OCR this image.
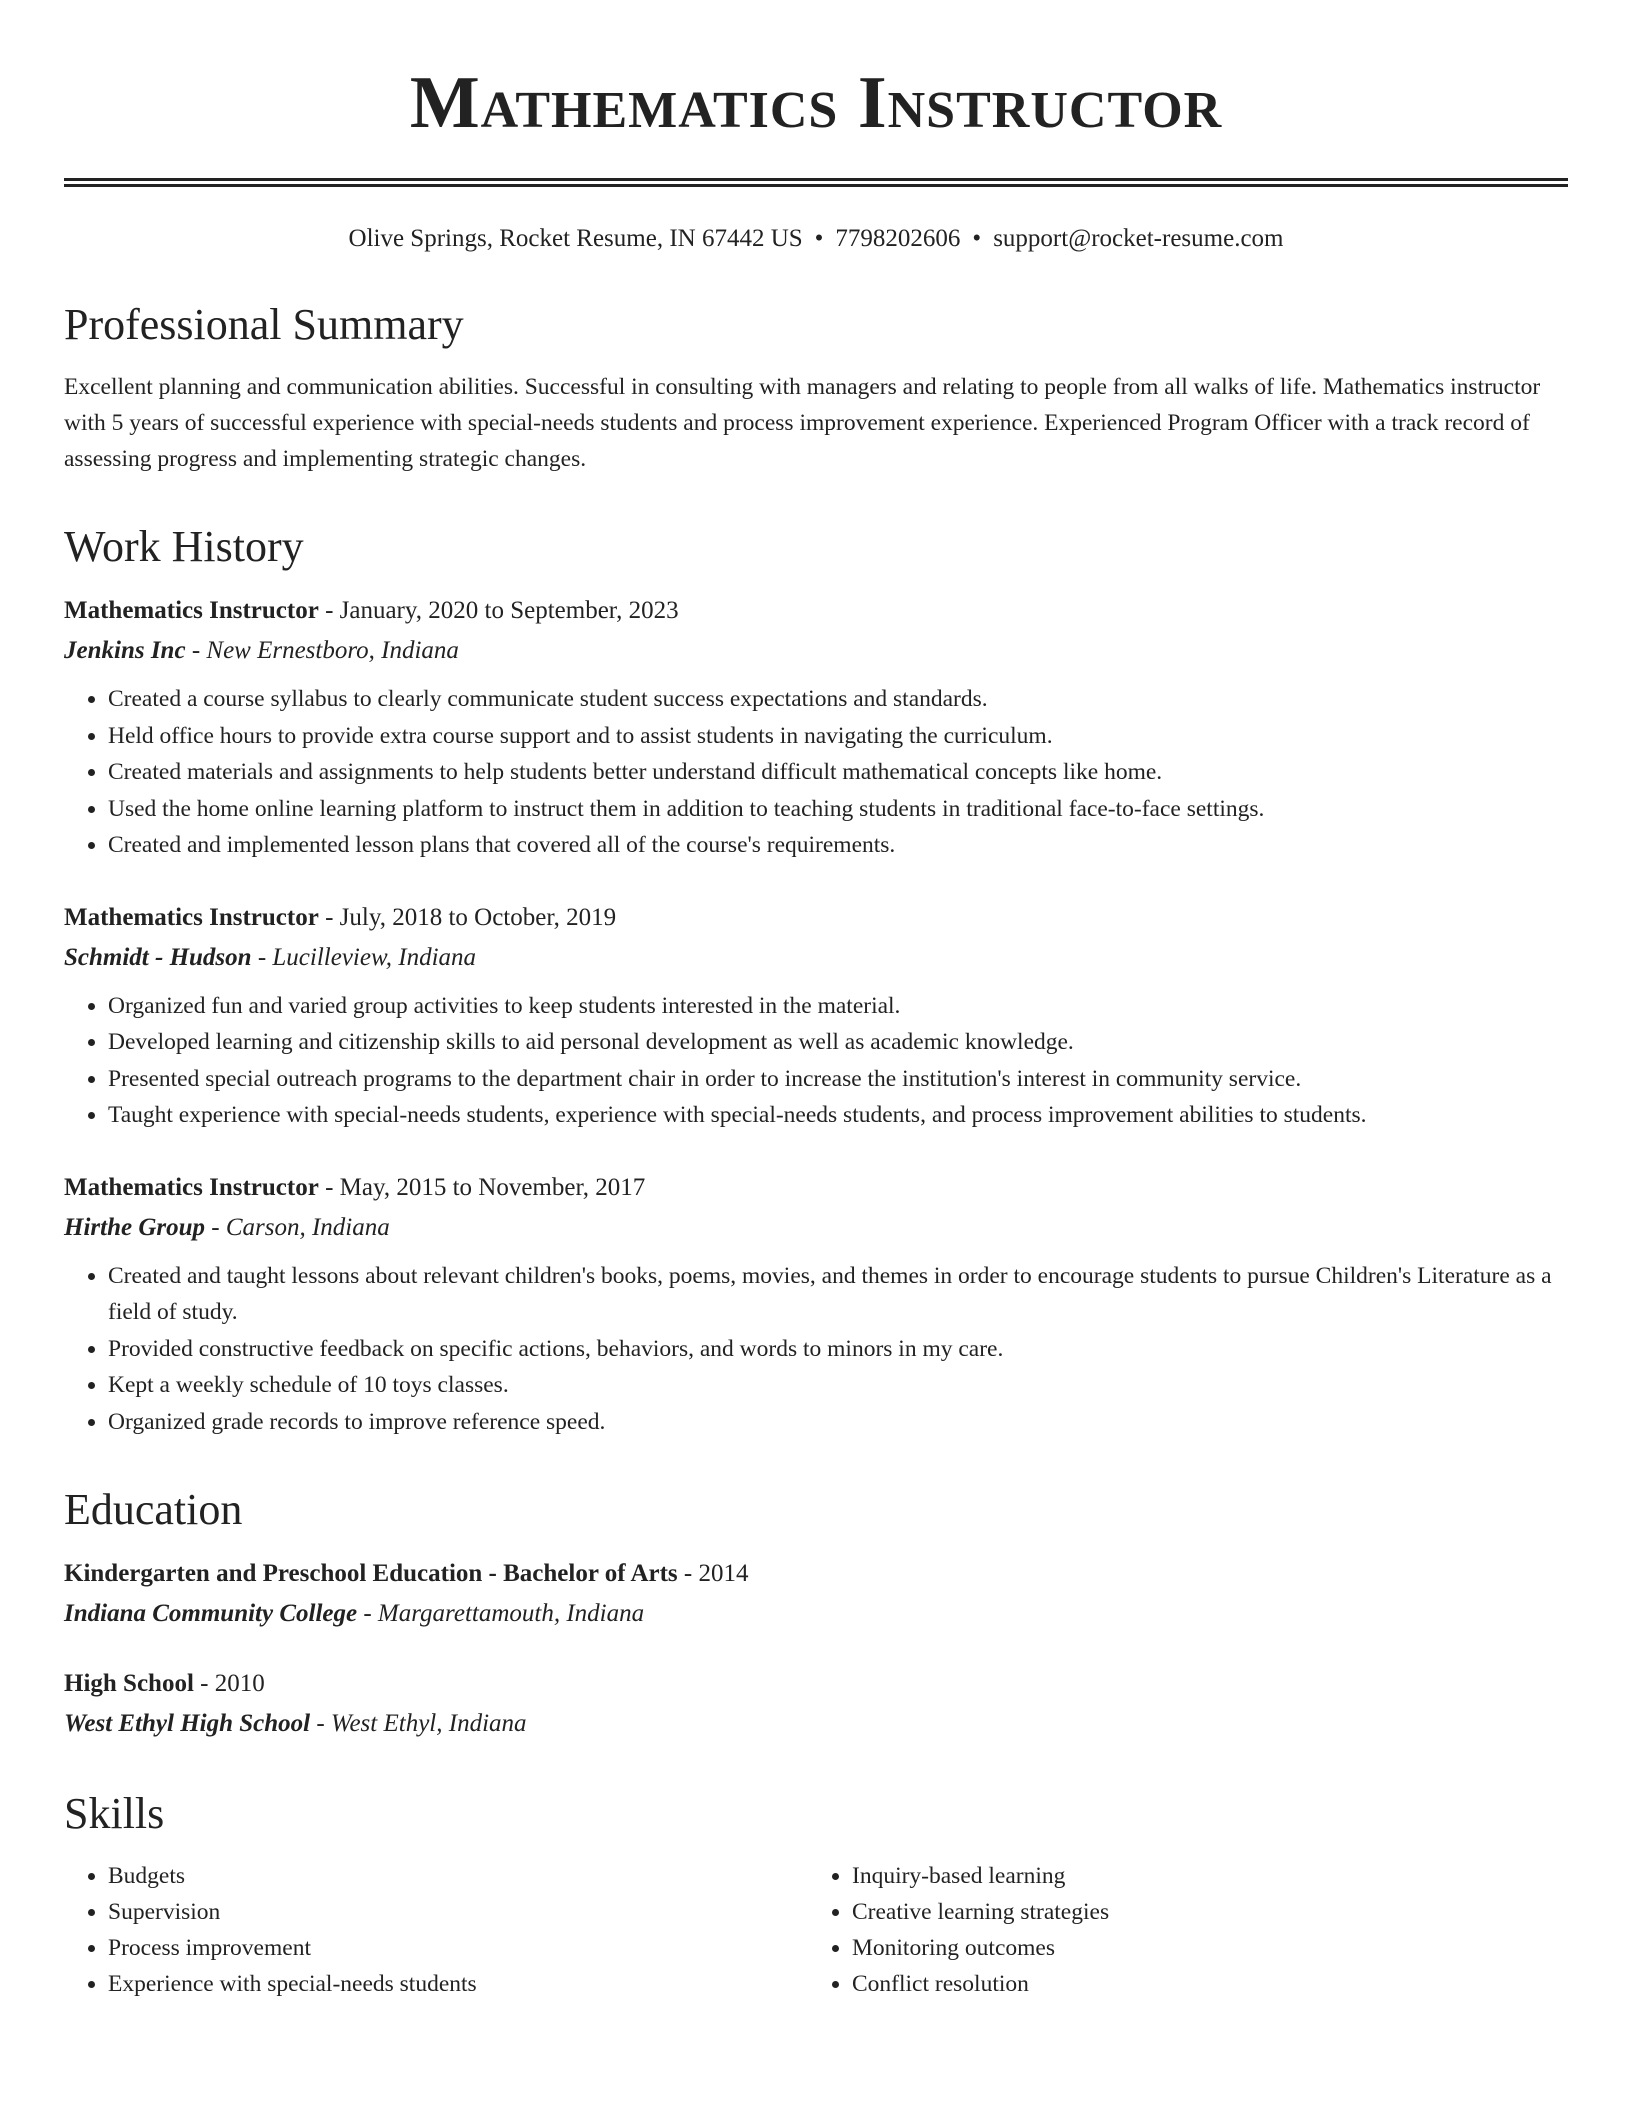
Mathematics Instructor
Olive Springs, Rocket Resume, IN 67442 US • 7798202606 • support@rocket-resume.com
Professional Summary

Excellent planning and communication abilities. Successful in consulting with managers and relating to people from all walks of life. Mathematics instructor with 5 years of successful experience with special-needs students and process improvement experience. Experienced Program Officer with a track record of assessing progress and implementing strategic changes.

Work History
Mathematics Instructor - January, 2020 to September, 2023
Jenkins Inc - New Ernestboro, Indiana
• Created a course syllabus to clearly communicate student success expectations and standards.
• Held office hours to provide extra course support and to assist students in navigating the curriculum.
• Created materials and assignments to help students better understand difficult mathematical concepts like home.
• Used the home online learning platform to instruct them in addition to teaching students in traditional face-to-face settings.
• Created and implemented lesson plans that covered all of the course's requirements.
Mathematics Instructor - July, 2018 to October, 2019
Schmidt - Hudson - Lucilleview, Indiana
• Organized fun and varied group activities to keep students interested in the material.
• Developed learning and citizenship skills to aid personal development as well as academic knowledge.
• Presented special outreach programs to the department chair in order to increase the institution's interest in community service.
• Taught experience with special-needs students, experience with special-needs students, and process improvement abilities to students.
Mathematics Instructor - May, 2015 to November, 2017
Hirthe Group - Carson, Indiana
• Created and taught lessons about relevant children's books, poems, movies, and themes in order to encourage students to pursue Children's Literature as a field of study.
• Provided constructive feedback on specific actions, behaviors, and words to minors in my care.
• Kept a weekly schedule of 10 toys classes.
• Organized grade records to improve reference speed.
Education
Kindergarten and Preschool Education - Bachelor of Arts - 2014
Indiana Community College - Margarettamouth, Indiana
High School - 2010
West Ethyl High School - West Ethyl, Indiana
Skills
• Budgets
• Supervision
• Process improvement
• Experience with special-needs students
• Inquiry-based learning
• Creative learning strategies
• Monitoring outcomes
• Conflict resolution
